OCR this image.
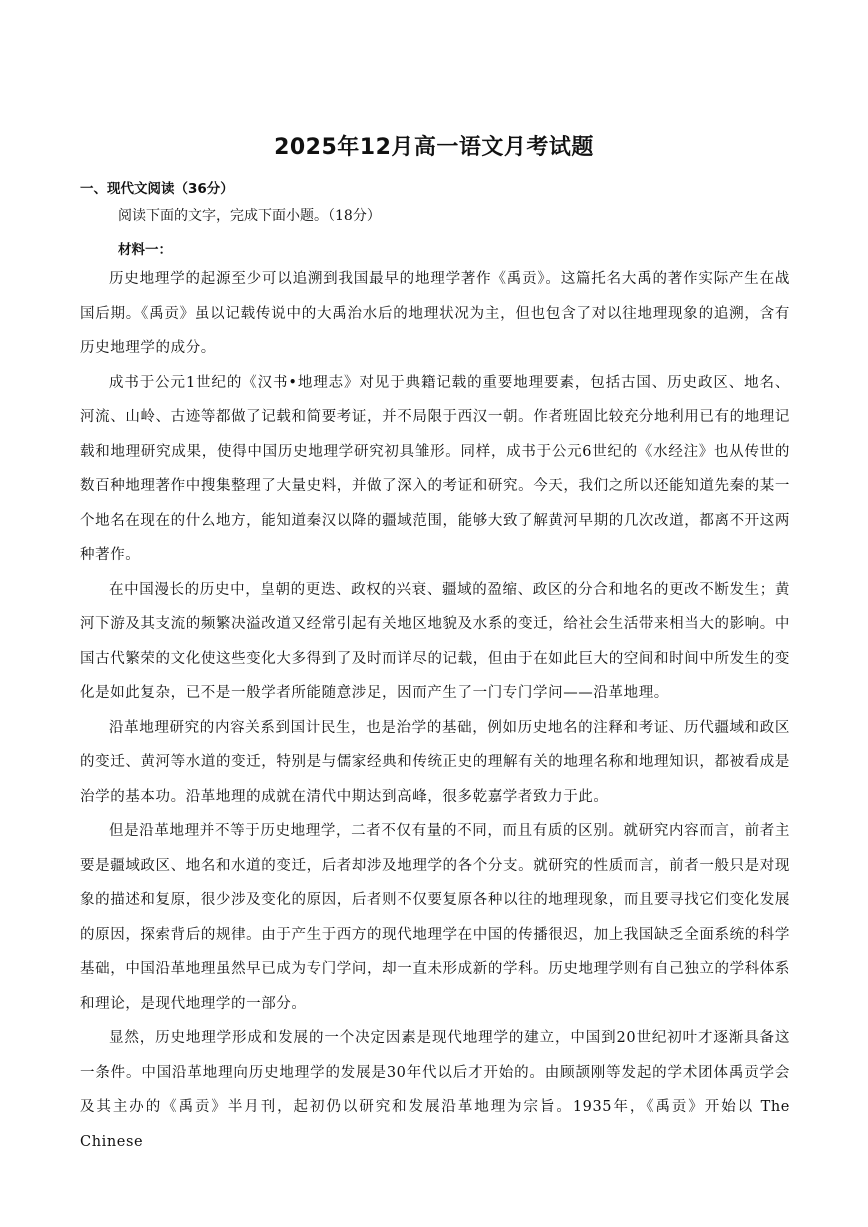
2025年12月高一语文月考试题
一、现代文阅读（36分）
阅读下面的文字，完成下面小题。（18分）
材料一：

历史地理学的起源至少可以追溯到我国最早的地理学著作《禹贡》。这篇托名大禹的著作实际产生在战国后期。《禹贡》虽以记载传说中的大禹治水后的地理状况为主，但也包含了对以往地理现象的追溯，含有历史地理学的成分。

成书于公元1世纪的《汉书•地理志》对见于典籍记载的重要地理要素，包括古国、历史政区、地名、河流、山岭、古迹等都做了记载和简要考证，并不局限于西汉一朝。作者班固比较充分地利用已有的地理记载和地理研究成果，使得中国历史地理学研究初具雏形。同样，成书于公元6世纪的《水经注》也从传世的数百种地理著作中搜集整理了大量史料，并做了深入的考证和研究。今天，我们之所以还能知道先秦的某一个地名在现在的什么地方，能知道秦汉以降的疆域范围，能够大致了解黄河早期的几次改道，都离不开这两种著作。

在中国漫长的历史中，皇朝的更迭、政权的兴衰、疆域的盈缩、政区的分合和地名的更改不断发生；黄河下游及其支流的频繁决溢改道又经常引起有关地区地貌及水系的变迁，给社会生活带来相当大的影响。中国古代繁荣的文化使这些变化大多得到了及时而详尽的记载，但由于在如此巨大的空间和时间中所发生的变化是如此复杂，已不是一般学者所能随意涉足，因而产生了一门专门学问——沿革地理。

沿革地理研究的内容关系到国计民生，也是治学的基础，例如历史地名的注释和考证、历代疆域和政区的变迁、黄河等水道的变迁，特别是与儒家经典和传统正史的理解有关的地理名称和地理知识，都被看成是治学的基本功。沿革地理的成就在清代中期达到高峰，很多乾嘉学者致力于此。

但是沿革地理并不等于历史地理学，二者不仅有量的不同，而且有质的区别。就研究内容而言，前者主要是疆域政区、地名和水道的变迁，后者却涉及地理学的各个分支。就研究的性质而言，前者一般只是对现象的描述和复原，很少涉及变化的原因，后者则不仅要复原各种以往的地理现象，而且要寻找它们变化发展的原因，探索背后的规律。由于产生于西方的现代地理学在中国的传播很迟，加上我国缺乏全面系统的科学基础，中国沿革地理虽然早已成为专门学问，却一直未形成新的学科。历史地理学则有自己独立的学科体系和理论，是现代地理学的一部分。

显然，历史地理学形成和发展的一个决定因素是现代地理学的建立，中国到20世纪初叶才逐渐具备这一条件。中国沿革地理向历史地理学的发展是30年代以后才开始的。由顾颉刚等发起的学术团体禹贡学会及其主办的《禹贡》半月刊，起初仍以研究和发展沿革地理为宗旨。1935年，《禹贡》开始以 The Chinese
